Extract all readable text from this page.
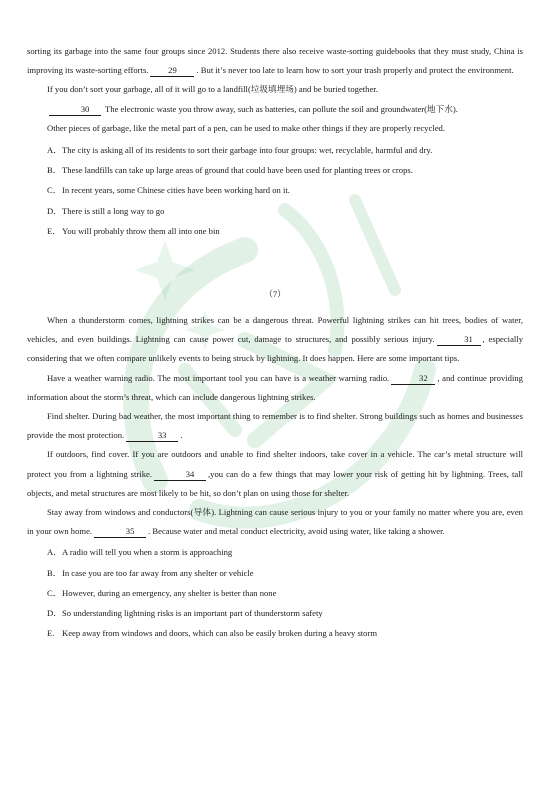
sorting its garbage into the same four groups since 2012. Students there also receive waste-sorting guidebooks that they must study, China is improving its waste-sorting efforts. 29 . But it’s never too late to learn how to sort your trash properly and protect the environment.

If you don’t sort your garbage, all of it will go to a landfill(垃圾填埋场) and be buried together.

30 The electronic waste you throw away, such as batteries, can pollute the soil and groundwater(地下水).

Other pieces of garbage, like the metal part of a pen, can be used to make other things if they are properly recycled.

A．The city is asking all of its residents to sort their garbage into four groups: wet, recyclable, harmful and dry.
B．These landfills can take up large areas of ground that could have been used for planting trees or crops.
C．In recent years, some Chinese cities have been working hard on it.
D．There is still a long way to go
E．You will probably throw them all into one bin
（7）

When a thunderstorm comes, lightning strikes can be a dangerous threat. Powerful lightning strikes can hit trees, bodies of water, vehicles, and even buildings. Lightning can cause power cut, damage to structures, and possibly serious injury.	31 , especially considering that we often compare unlikely events to being struck by lightning. It does happen. Here are some important tips.

Have a weather warning radio. The most important tool you can have is a weather warning radio.	32 , and continue providing information about the storm’s threat, which can include dangerous lightning strikes.

Find shelter. During bad weather, the most important thing to remember is to find shelter. Strong buildings such as homes and businesses provide the most protection.	33 .

If outdoors, find cover. If you are outdoors and unable to find shelter indoors, take cover in a vehicle. The car’s metal structure will protect you from a lightning strike.	34 ,you can do a few things that may lower your risk of getting hit by lightning. Trees, tall objects, and metal structures are most likely to be hit, so don’t plan on using those for shelter.

Stay away from windows and conductors(导体). Lightning can cause serious injury to you or your family no matter where you are, even in your own home.	35 . Because water and metal conduct electricity, avoid using water, like taking a shower.

A．A radio will tell you when a storm is approaching
B．In case you are too far away from any shelter or vehicle
C．However, during an emergency, any shelter is better than none
D．So understanding lightning risks is an important part of thunderstorm safety
E.Keep away from windows and doors, which can also be easily broken during a heavy storm
